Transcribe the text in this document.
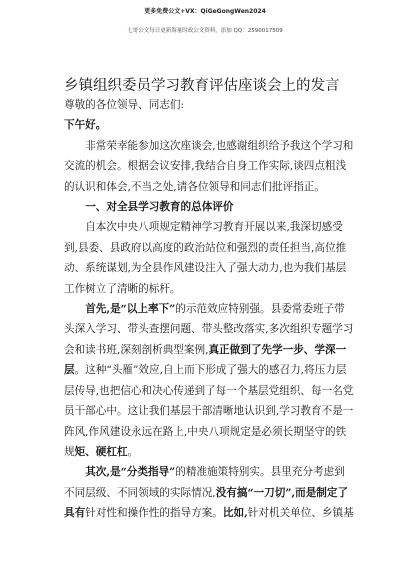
更多免费公文+VX：QiGeGongWen2024
七哥公文每日更新海量时政公文资料，添加 QQ：2590017509
乡镇组织委员学习教育评估座谈会上的发言

尊敬的各位领导、同志们:

下午好。

非常荣幸能参加这次座谈会,也感谢组织给予我这个学习和交流的机会。根据会议安排,我结合自身工作实际,谈四点粗浅的认识和体会,不当之处,请各位领导和同志们批评指正。

一、对全县学习教育的总体评价

自本次中央八项规定精神学习教育开展以来,我深切感受到,县委、县政府以高度的政治站位和强烈的责任担当,高位推动、系统谋划,为全县作风建设注入了强大动力,也为我们基层工作树立了清晰的标杆。

首先,是“以上率下”的示范效应特别强。县委常委班子带头深入学习、带头查摆问题、带头整改落实,多次组织专题学习会和读书班,深刻剖析典型案例,真正做到了先学一步、学深一层。这种“头雁”效应,自上而下形成了强大的感召力,将压力层层传导,也把信心和决心传递到了每一个基层党组织、每一名党员干部心中。这让我们基层干部清晰地认识到,学习教育不是一阵风,作风建设永远在路上,中央八项规定是必须长期坚守的铁规矩、硬杠杠。

其次,是“分类指导”的精准施策特别实。县里充分考虑到不同层级、不同领域的实际情况,没有搞“一刀切”,而是制定了具有针对性和操作性的指导方案。比如,针对机关单位、乡镇基
